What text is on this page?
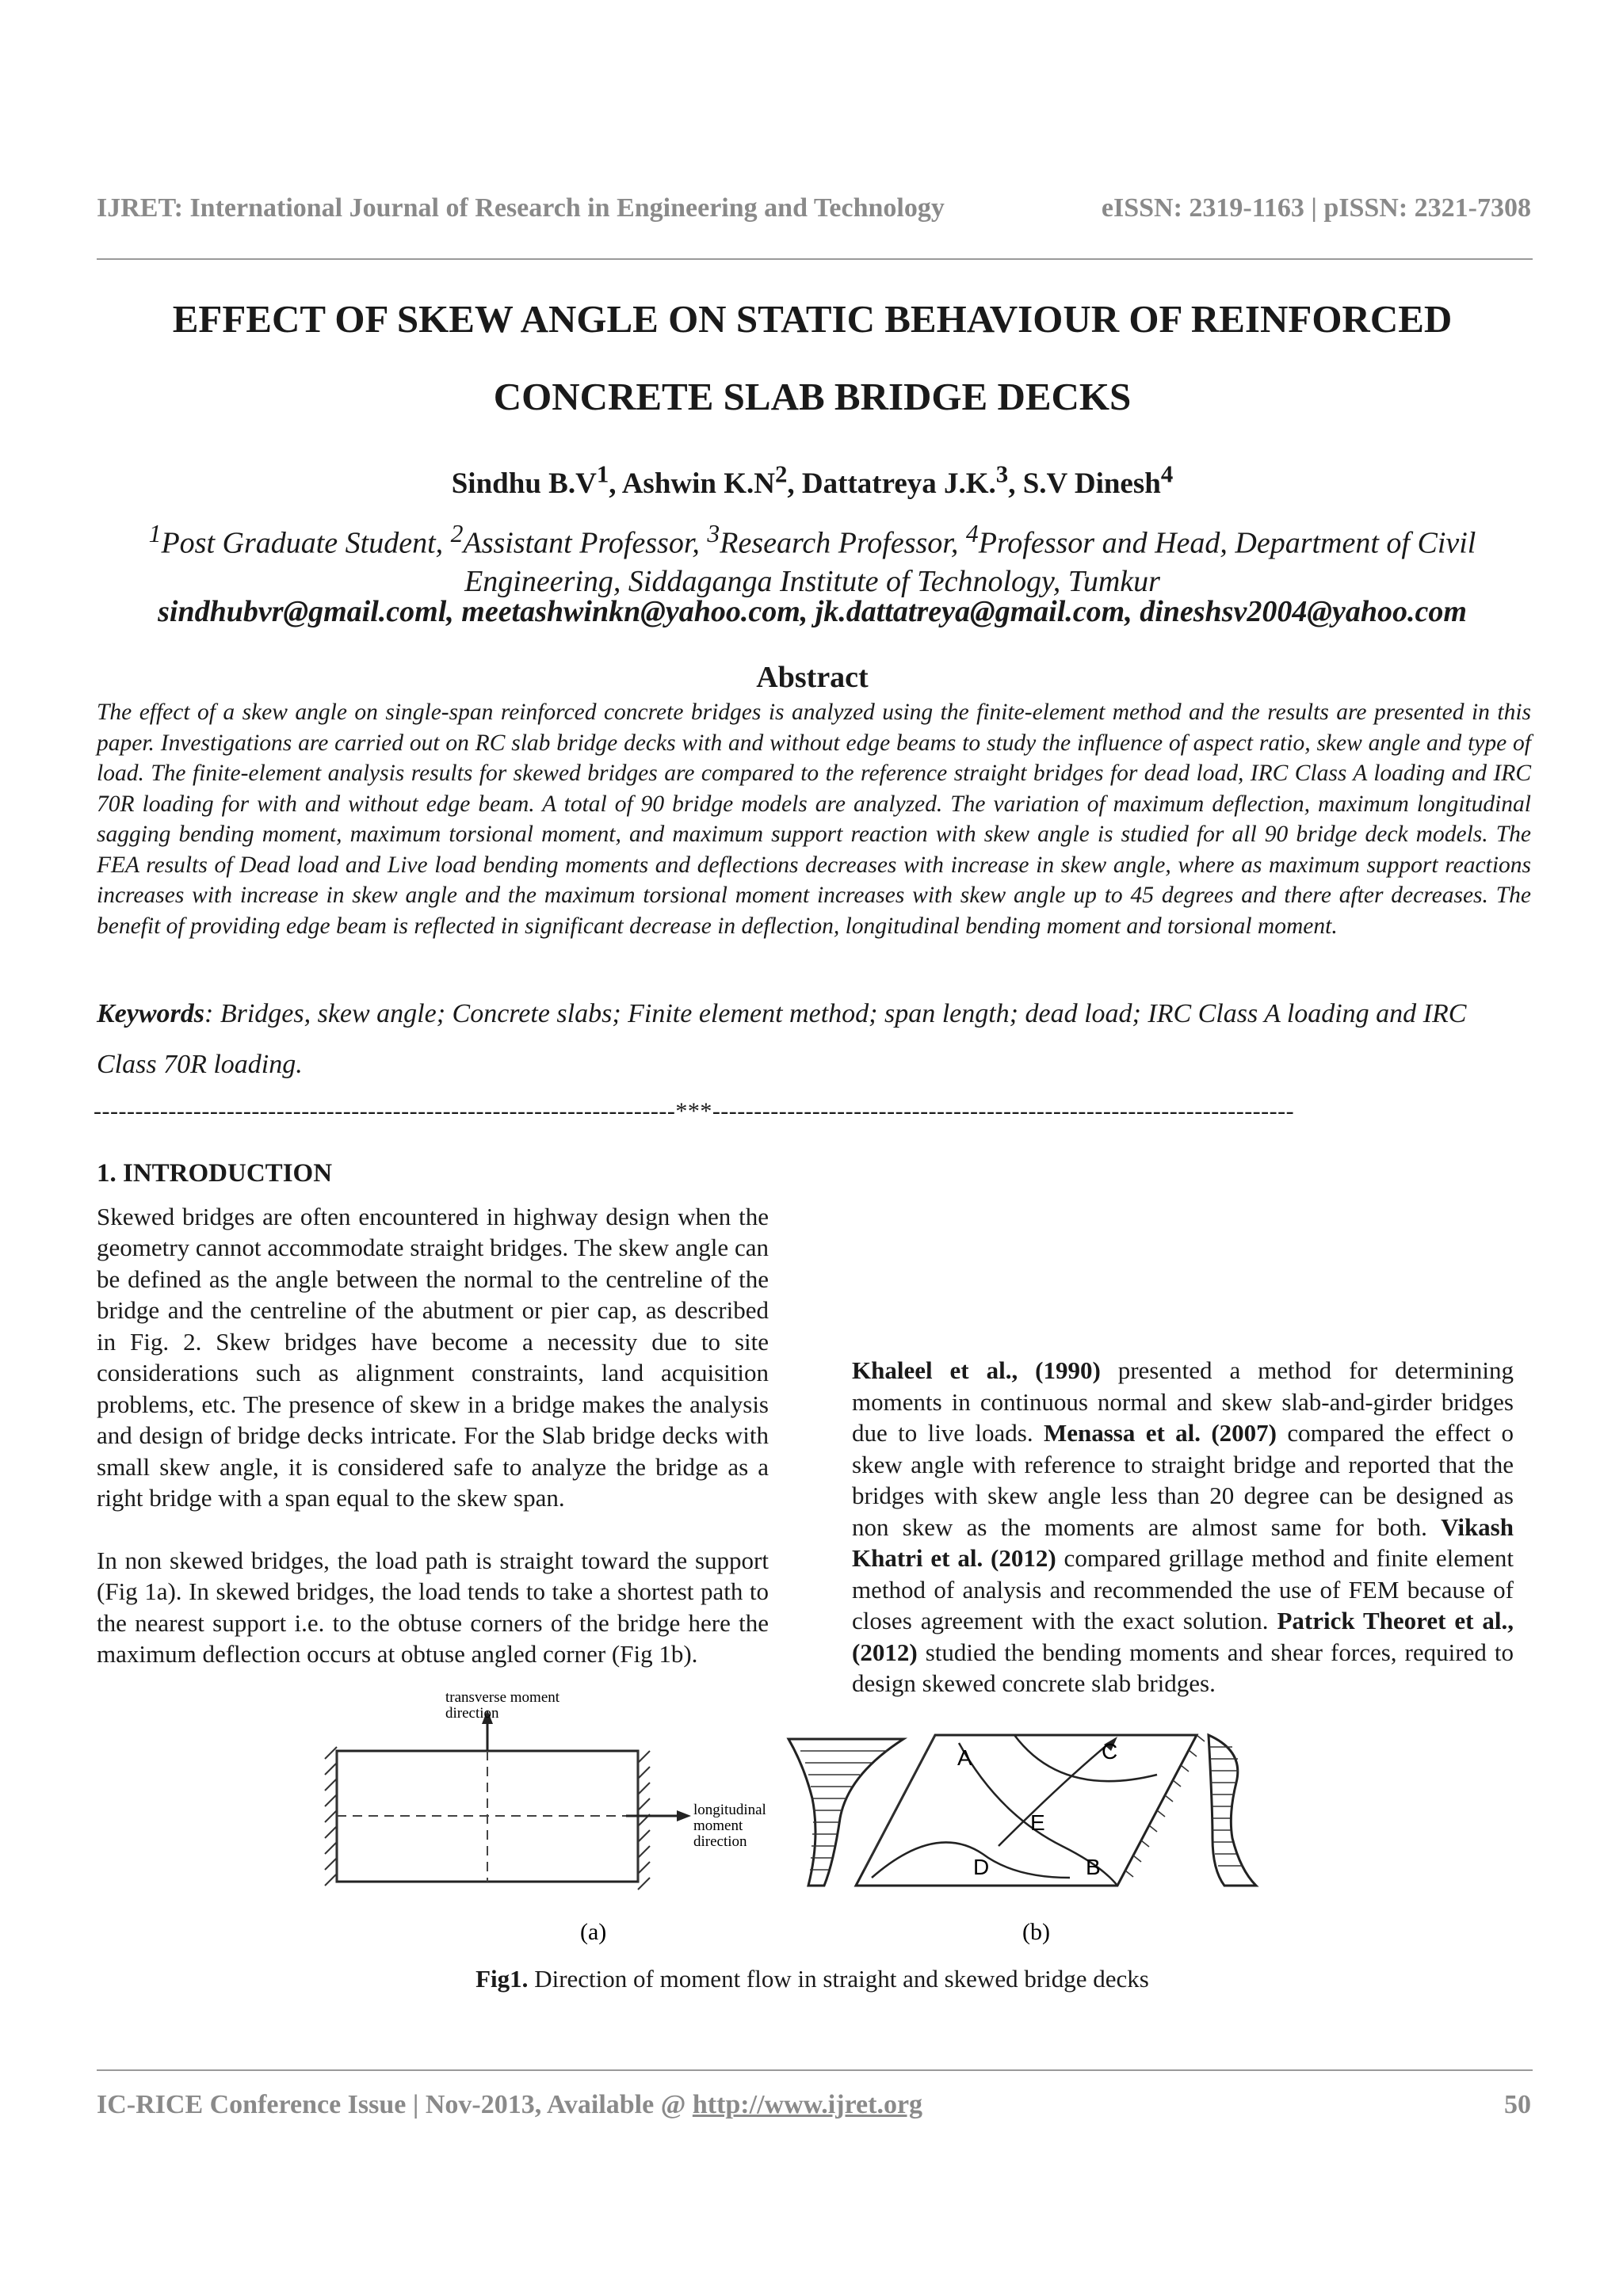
IJRET: International Journal of Research in Engineering and Technology	eISSN: 2319-1163 | pISSN: 2321-7308
EFFECT OF SKEW ANGLE ON STATIC BEHAVIOUR OF REINFORCED
CONCRETE SLAB BRIDGE DECKS
Sindhu $B.V^1$, Ashwin $K.N^2$, Dattatreya J.K.$^3$, S.V Dinesh$^4$
$^1$Post Graduate Student, $^2$Assistant Professor, $^3$Research Professor, $^4$Professor and Head, Department of Civil
Engineering, Siddaganga Institute of Technology, Tumkur
sindhubvr@gmail.coml, meetashwinkn@yahoo.com, jk.dattatreya@gmail.com, dineshsv2004@yahoo.com
Abstract
The effect of a skew angle on single-span reinforced concrete bridges is analyzed using the finite-element method and the results are presented in this paper. Investigations are carried out on RC slab bridge decks with and without edge beams to study the influence of aspect ratio, skew angle and type of load. The finite-element analysis results for skewed bridges are compared to the reference straight bridges for dead load, IRC Class A loading and IRC 70R loading for with and without edge beam. A total of 90 bridge models are analyzed. The variation of maximum deflection, maximum longitudinal sagging bending moment, maximum torsional moment, and maximum support reaction with skew angle is studied for all 90 bridge deck models. The FEA results of Dead load and Live load bending moments and deflections decreases with increase in skew angle, where as maximum support reactions increases with increase in skew angle and the maximum torsional moment increases with skew angle up to 45 degrees and there after decreases. The benefit of providing edge beam is reflected in significant decrease in deflection, longitudinal bending moment and torsional moment.
Keywords: Bridges, skew angle; Concrete slabs; Finite element method; span length; dead load; IRC Class A loading and IRC Class 70R loading.
----------------------------------------------------------------------***----------------------------------------------------------------------

1. INTRODUCTION

Skewed bridges are often encountered in highway design when the geometry cannot accommodate straight bridges. The skew angle can be defined as the angle between the normal to the centreline of the bridge and the centreline of the abutment or pier cap, as described in Fig. 2. Skew bridges have become a necessity due to site considerations such as alignment constraints, land acquisition problems, etc. The presence of skew in a bridge makes the analysis and design of bridge decks intricate. For the Slab bridge decks with small skew angle, it is considered safe to analyze the bridge as a right bridge with a span equal to the skew span.

In non skewed bridges, the load path is straight toward the support (Fig 1a). In skewed bridges, the load tends to take a shortest path to the nearest support i.e. to the obtuse corners of the bridge here the maximum deflection occurs at obtuse angled corner (Fig 1b).

Khaleel et al., (1990) presented a method for determining moments in continuous normal and skew slab-and-girder bridges due to live loads. Menassa et al. (2007) compared the effect o skew angle with reference to straight bridge and reported that the bridges with skew angle less than 20 degree can be designed as non skew as the moments are almost same for both. Vikash Khatri et al. (2012) compared grillage method and finite element method of analysis and recommended the use of FEM because of closes agreement with the exact solution. Patrick Theoret et al., (2012) studied the bending moments and shear forces, required to design skewed concrete slab bridges.

transverse moment
direction
longitudinal
moment
direction
A
B
C
D
E
(a)	(b)
Fig1. Direction of moment flow in straight and skewed bridge decks
IC-RICE Conference Issue | Nov-2013, Available @ http://www.ijret.org	50
